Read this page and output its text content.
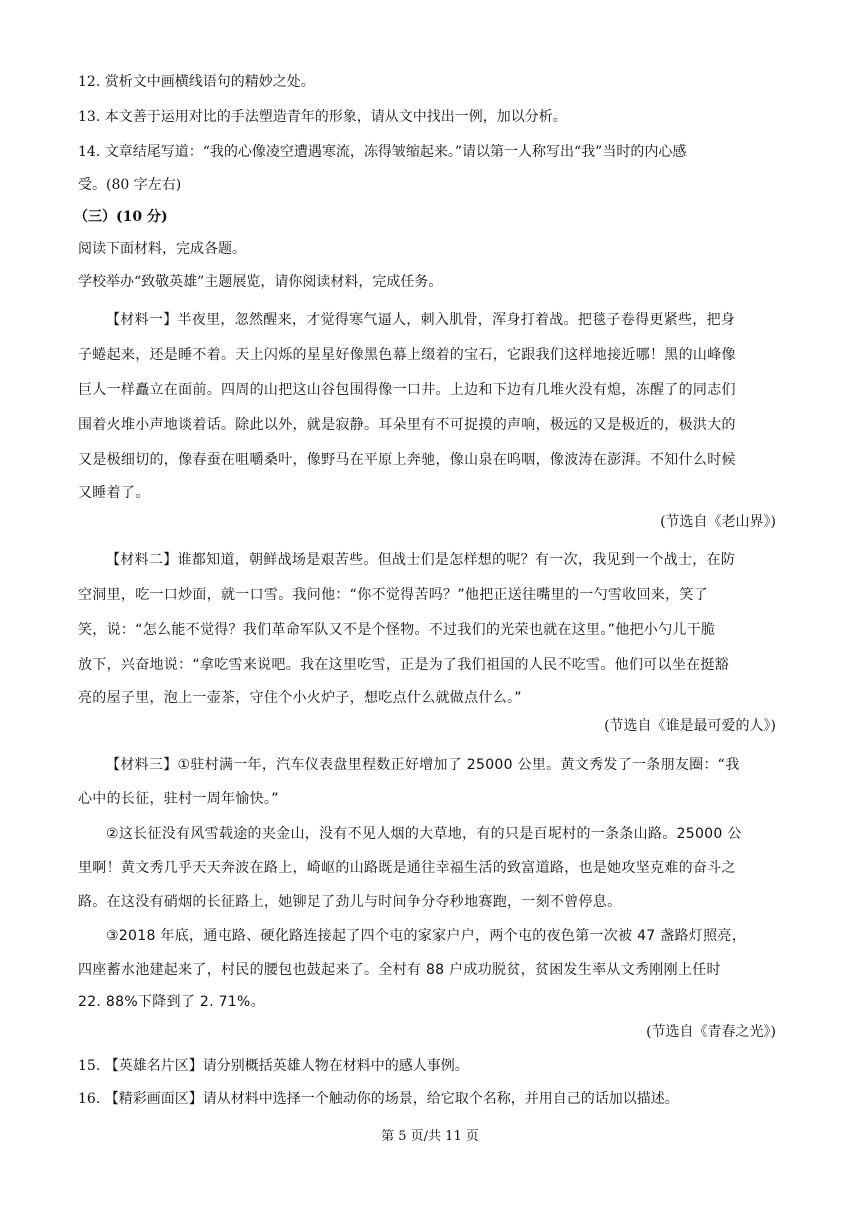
12. 赏析文中画横线语句的精妙之处。
13. 本文善于运用对比的手法塑造青年的形象，请从文中找出一例，加以分析。
14. 文章结尾写道：“我的心像凌空遭遇寒流，冻得皱缩起来。”请以第一人称写出“我”当时的内心感
受。(80 字左右)
（三）(10 分)
阅读下面材料，完成各题。
学校举办“致敬英雄”主题展览，请你阅读材料，完成任务。
【材料一】半夜里，忽然醒来，才觉得寒气逼人，刺入肌骨，浑身打着战。把毯子卷得更紧些，把身
子蜷起来，还是睡不着。天上闪烁的星星好像黑色幕上缀着的宝石，它跟我们这样地接近哪！黑的山峰像
巨人一样矗立在面前。四周的山把这山谷包围得像一口井。上边和下边有几堆火没有熄，冻醒了的同志们
围着火堆小声地谈着话。除此以外，就是寂静。耳朵里有不可捉摸的声响，极远的又是极近的，极洪大的
又是极细切的，像春蚕在咀嚼桑叶，像野马在平原上奔驰，像山泉在呜咽，像波涛在澎湃。不知什么时候
又睡着了。
(节选自《老山界》)
【材料二】谁都知道，朝鲜战场是艰苦些。但战士们是怎样想的呢？有一次，我见到一个战士，在防
空洞里，吃一口炒面，就一口雪。我问他：“你不觉得苦吗？”他把正送往嘴里的一勺雪收回来，笑了
笑，说：“怎么能不觉得？我们革命军队又不是个怪物。不过我们的光荣也就在这里。”他把小勺儿干脆
放下，兴奋地说：“拿吃雪来说吧。我在这里吃雪，正是为了我们祖国的人民不吃雪。他们可以坐在挺豁
亮的屋子里，泡上一壶茶，守住个小火炉子，想吃点什么就做点什么。”
(节选自《谁是最可爱的人》)
【材料三】①驻村满一年，汽车仪表盘里程数正好增加了 25000 公里。黄文秀发了一条朋友圈：“我
心中的长征，驻村一周年愉快。”
②这长征没有风雪载途的夹金山，没有不见人烟的大草地，有的只是百坭村的一条条山路。25000 公
里啊！黄文秀几乎天天奔波在路上，崎岖的山路既是通往幸福生活的致富道路，也是她攻坚克难的奋斗之
路。在这没有硝烟的长征路上，她铆足了劲儿与时间争分夺秒地赛跑，一刻不曾停息。
③2018 年底，通屯路、硬化路连接起了四个屯的家家户户，两个屯的夜色第一次被 47 盏路灯照亮，
四座蓄水池建起来了，村民的腰包也鼓起来了。全村有 88 户成功脱贫，贫困发生率从文秀刚刚上任时
22. 88%下降到了 2. 71%。
(节选自《青春之光》)
15. 【英雄名片区】请分别概括英雄人物在材料中的感人事例。
16. 【精彩画面区】请从材料中选择一个触动你的场景，给它取个名称，并用自己的话加以描述。
第 5 页/共 11 页
